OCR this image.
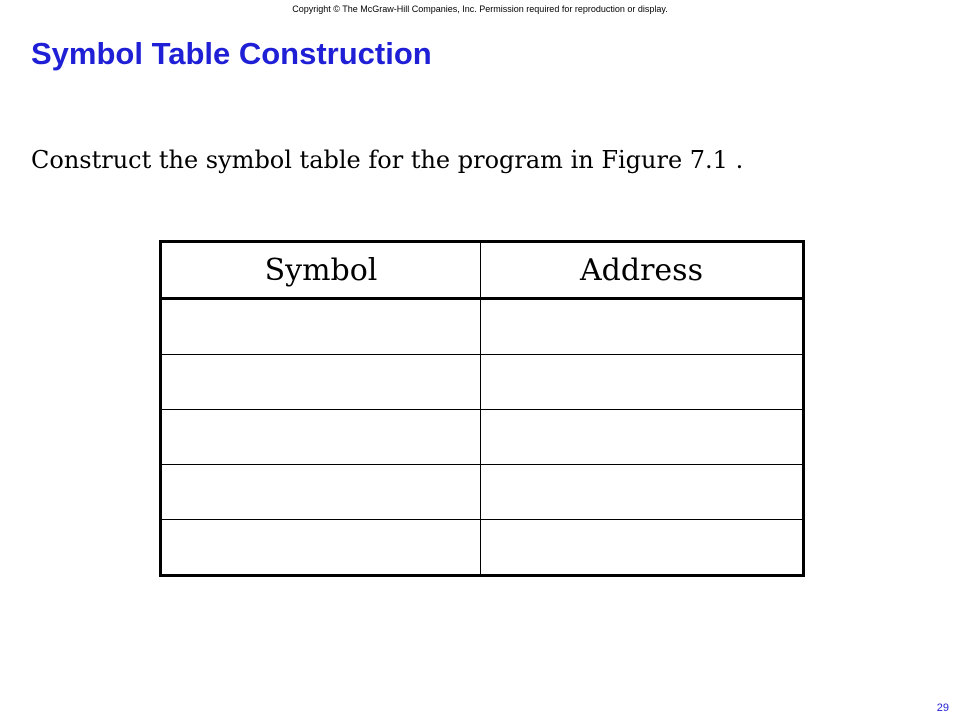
Copyright © The McGraw-Hill Companies, Inc. Permission required for reproduction or display.
Symbol Table Construction

Construct the symbol table for the program in Figure 7.1 .

Symbol	Address

29
